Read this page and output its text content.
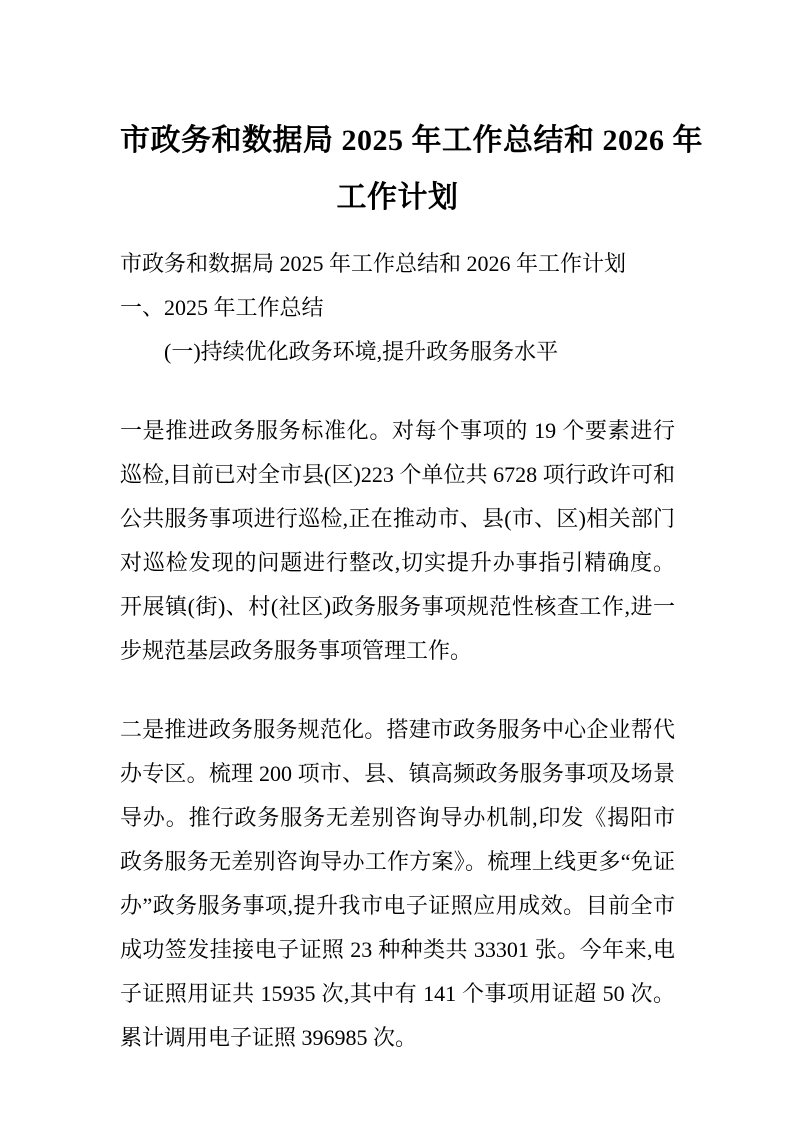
市政务和数据局 2025 年工作总结和 2026 年
工作计划

市政务和数据局 2025 年工作总结和 2026 年工作计划

一、2025 年工作总结

(一)持续优化政务环境,提升政务服务水平

一是推进政务服务标准化。对每个事项的 19 个要素进行巡检,目前已对全市县(区)223 个单位共 6728 项行政许可和公共服务事项进行巡检,正在推动市、县(市、区)相关部门对巡检发现的问题进行整改,切实提升办事指引精确度。开展镇(街)、村(社区)政务服务事项规范性核查工作,进一步规范基层政务服务事项管理工作。

二是推进政务服务规范化。搭建市政务服务中心企业帮代办专区。梳理 200 项市、县、镇高频政务服务事项及场景导办。推行政务服务无差别咨询导办机制,印发《揭阳市政务服务无差别咨询导办工作方案》。梳理上线更多“免证办”政务服务事项,提升我市电子证照应用成效。目前全市成功签发挂接电子证照 23 种种类共 33301 张。今年来,电子证照用证共 15935 次,其中有 141 个事项用证超 50 次。累计调用电子证照 396985 次。
